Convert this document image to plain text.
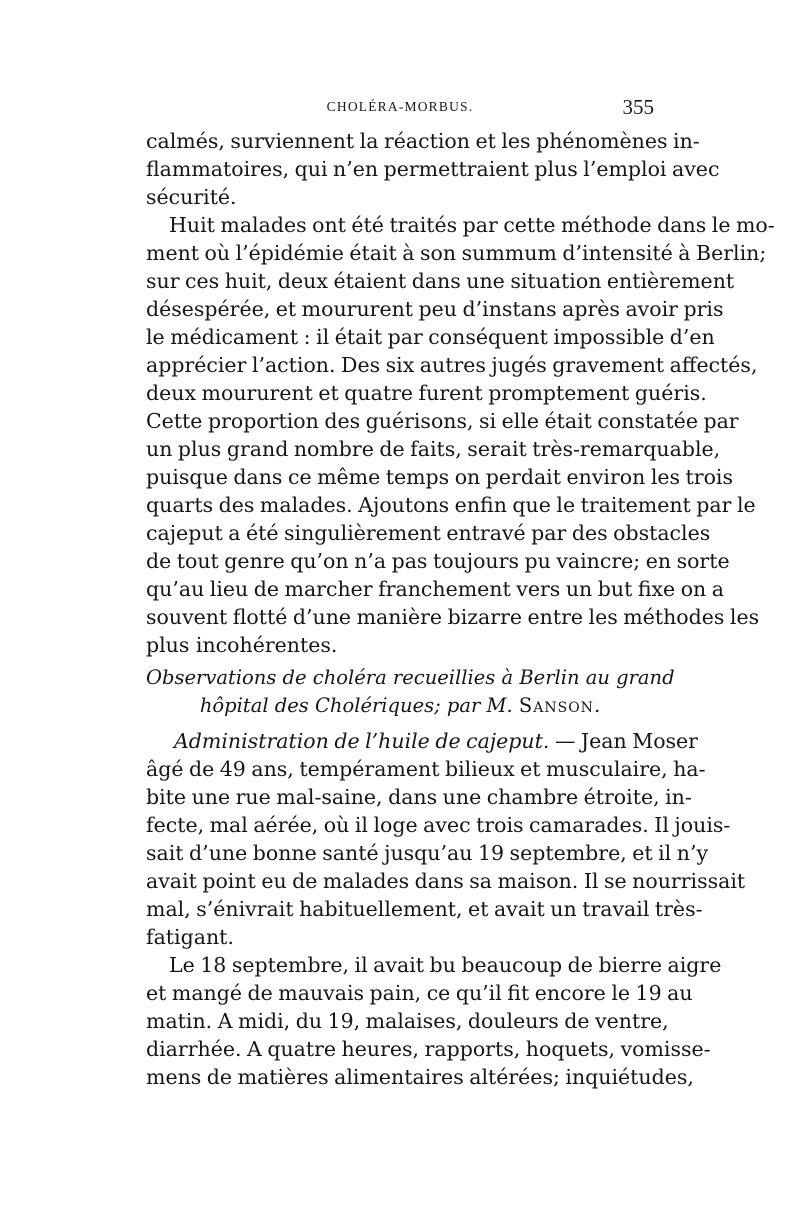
CHOLÉRA-MORBUS.	355
calmés, surviennent la réaction et les phénomènes in-
flammatoires, qui n’en permettraient plus l’emploi avec
sécurité.
Huit malades ont été traités par cette méthode dans le mo-
ment où l’épidémie était à son summum d’intensité à Berlin;
sur ces huit, deux étaient dans une situation entièrement
désespérée, et moururent peu d’instans après avoir pris
le médicament : il était par conséquent impossible d’en
apprécier l’action. Des six autres jugés gravement affectés,
deux moururent et quatre furent promptement guéris.
Cette proportion des guérisons, si elle était constatée par
un plus grand nombre de faits, serait très-remarquable,
puisque dans ce même temps on perdait environ les trois
quarts des malades. Ajoutons enfin que le traitement par le
cajeput a été singulièrement entravé par des obstacles
de tout genre qu’on n’a pas toujours pu vaincre; en sorte
qu’au lieu de marcher franchement vers un but fixe on a
souvent flotté d’une manière bizarre entre les méthodes les
plus incohérentes.
Observations de choléra recueillies à Berlin au grand
hôpital des Cholériques; par M. Sanson.
Administration de l’huile de cajeput. — Jean Moser
âgé de 49 ans, tempérament bilieux et musculaire, ha-
bite une rue mal-saine, dans une chambre étroite, in-
fecte, mal aérée, où il loge avec trois camarades. Il jouis-
sait d’une bonne santé jusqu’au 19 septembre, et il n’y
avait point eu de malades dans sa maison. Il se nourrissait
mal, s’énivrait habituellement, et avait un travail très-
fatigant.
Le 18 septembre, il avait bu beaucoup de bierre aigre
et mangé de mauvais pain, ce qu’il fit encore le 19 au
matin. A midi, du 19, malaises, douleurs de ventre,
diarrhée. A quatre heures, rapports, hoquets, vomisse-
mens de matières alimentaires altérées; inquiétudes,
